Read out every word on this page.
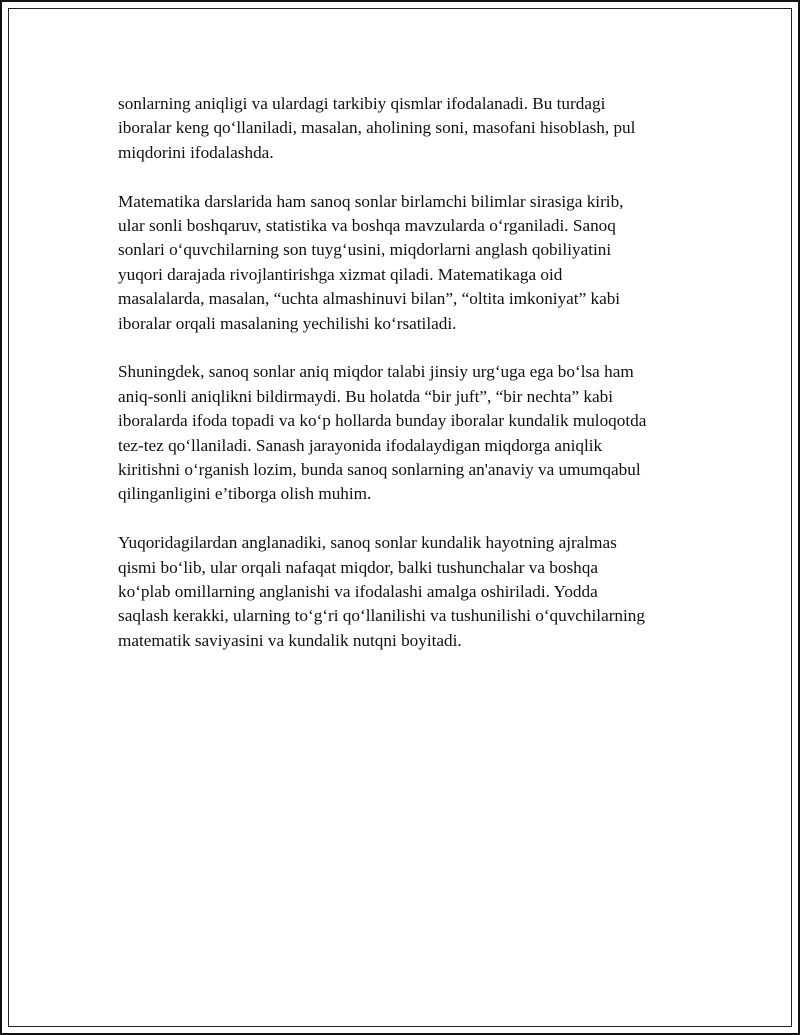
sonlarning aniqligi va ulardagi tarkibiy qismlar ifodalanadi. Bu turdagi
iboralar keng qo‘llaniladi, masalan, aholining soni, masofani hisoblash, pul
miqdorini ifodalashda.

Matematika darslarida ham sanoq sonlar birlamchi bilimlar sirasiga kirib,
ular sonli boshqaruv, statistika va boshqa mavzularda o‘rganiladi. Sanoq
sonlari o‘quvchilarning son tuyg‘usini, miqdorlarni anglash qobiliyatini
yuqori darajada rivojlantirishga xizmat qiladi. Matematikaga oid
masalalarda, masalan, “uchta almashinuvi bilan”, “oltita imkoniyat” kabi
iboralar orqali masalaning yechilishi ko‘rsatiladi.

Shuningdek, sanoq sonlar aniq miqdor talabi jinsiy urg‘uga ega bo‘lsa ham
aniq-sonli aniqlikni bildirmaydi. Bu holatda “bir juft”, “bir nechta” kabi
iboralarda ifoda topadi va ko‘p hollarda bunday iboralar kundalik muloqotda
tez-tez qo‘llaniladi. Sanash jarayonida ifodalaydigan miqdorga aniqlik
kiritishni o‘rganish lozim, bunda sanoq sonlarning an'anaviy va umumqabul
qilinganligini e’tiborga olish muhim.

Yuqoridagilardan anglanadiki, sanoq sonlar kundalik hayotning ajralmas
qismi bo‘lib, ular orqali nafaqat miqdor, balki tushunchalar va boshqa
ko‘plab omillarning anglanishi va ifodalashi amalga oshiriladi. Yodda
saqlash kerakki, ularning to‘g‘ri qo‘llanilishi va tushunilishi o‘quvchilarning
matematik saviyasini va kundalik nutqni boyitadi.
